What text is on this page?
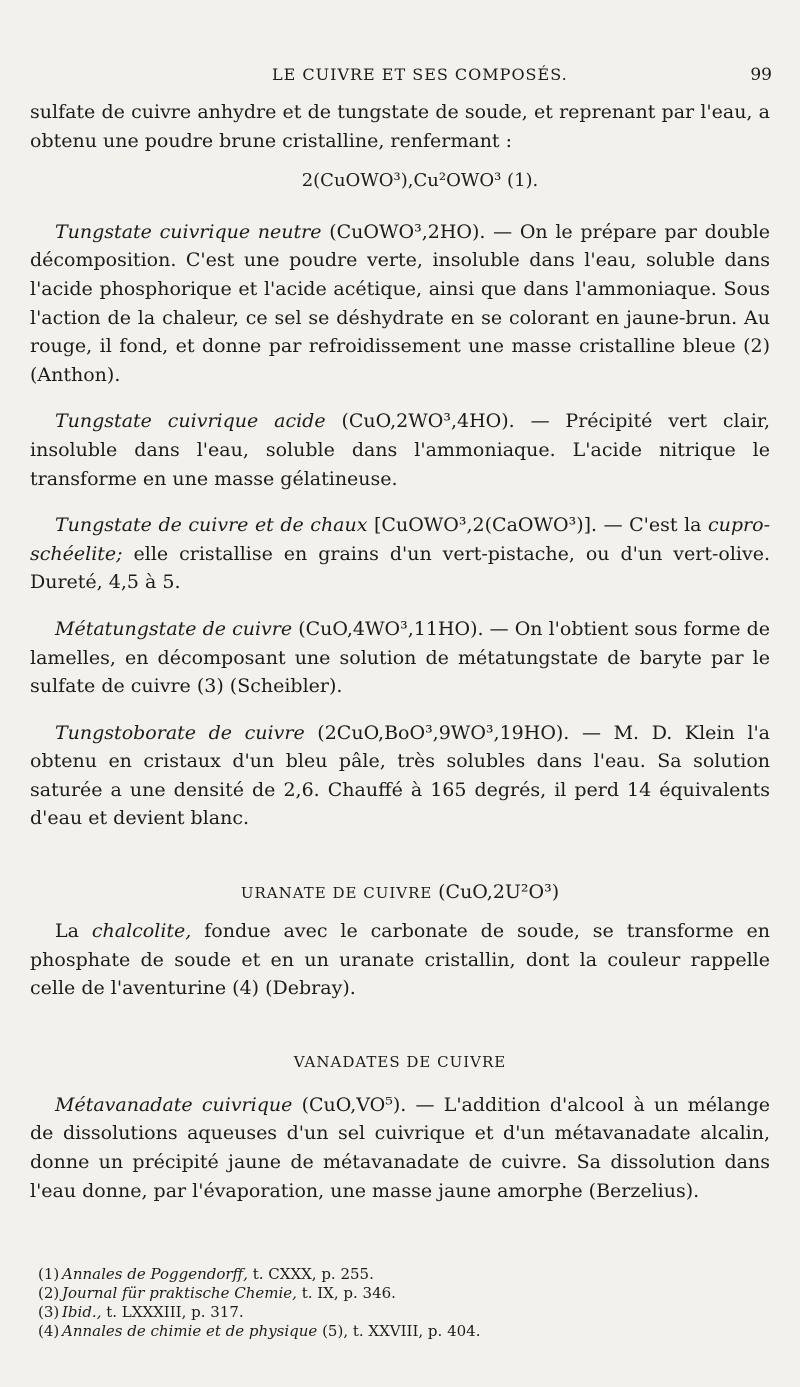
LE CUIVRE ET SES COMPOSÉS.	99

sulfate de cuivre anhydre et de tungstate de soude, et reprenant par l'eau, a obtenu une poudre brune cristalline, renfermant :

2(CuOWO³),Cu²OWO³ (1).

Tungstate cuivrique neutre (CuOWO³,2HO). — On le prépare par double décomposition. C'est une poudre verte, insoluble dans l'eau, soluble dans l'acide phosphorique et l'acide acétique, ainsi que dans l'ammoniaque. Sous l'action de la chaleur, ce sel se déshydrate en se colorant en jaune-brun. Au rouge, il fond, et donne par refroidissement une masse cristalline bleue (2) (Anthon).

Tungstate cuivrique acide (CuO,2WO³,4HO). — Précipité vert clair, insoluble dans l'eau, soluble dans l'ammoniaque. L'acide nitrique le transforme en une masse gélatineuse.

Tungstate de cuivre et de chaux [CuOWO³,2(CaOWO³)]. — C'est la cupro-schéelite; elle cristallise en grains d'un vert-pistache, ou d'un vert-olive. Dureté, 4,5 à 5.

Métatungstate de cuivre (CuO,4WO³,11HO). — On l'obtient sous forme de lamelles, en décomposant une solution de métatungstate de baryte par le sulfate de cuivre (3) (Scheibler).

Tungstoborate de cuivre (2CuO,BoO³,9WO³,19HO). — M. D. Klein l'a obtenu en cristaux d'un bleu pâle, très solubles dans l'eau. Sa solution saturée a une densité de 2,6. Chauffé à 165 degrés, il perd 14 équivalents d'eau et devient blanc.

URANATE DE CUIVRE (CuO,2U²O³)

La chalcolite, fondue avec le carbonate de soude, se transforme en phosphate de soude et en un uranate cristallin, dont la couleur rappelle celle de l'aventurine (4) (Debray).

VANADATES DE CUIVRE

Métavanadate cuivrique (CuO,VO⁵). — L'addition d'alcool à un mélange de dissolutions aqueuses d'un sel cuivrique et d'un métavanadate alcalin, donne un précipité jaune de métavanadate de cuivre. Sa dissolution dans l'eau donne, par l'évaporation, une masse jaune amorphe (Berzelius).

(1) Annales de Poggendorff, t. CXXX, p. 255.
(2) Journal für praktische Chemie, t. IX, p. 346.
(3) Ibid., t. LXXXIII, p. 317.
(4) Annales de chimie et de physique (5), t. XXVIII, p. 404.
